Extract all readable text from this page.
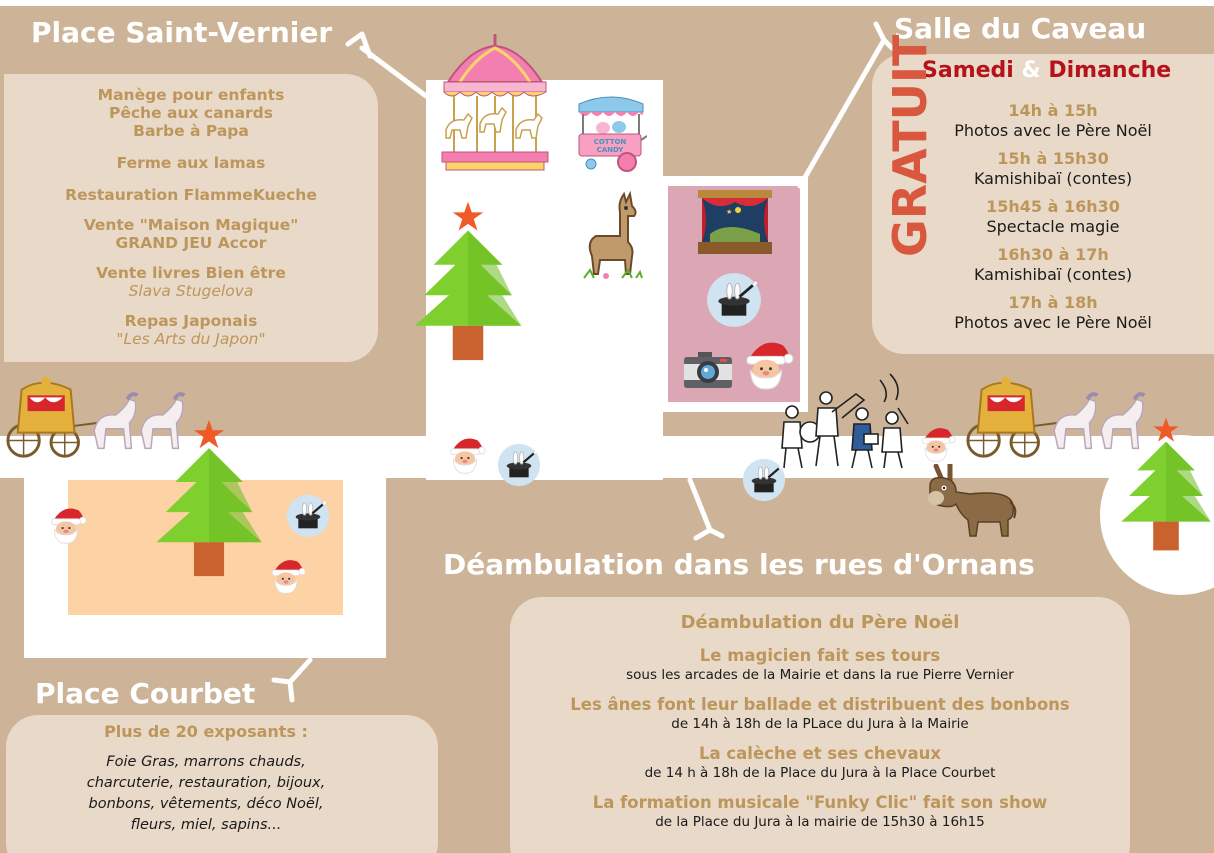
Place Saint-Vernier	Salle du Caveau
Déambulation dans les rues d'Ornans
Place Courbet
Manège pour enfants
Pêche aux canards
Barbe à Papa
Ferme aux lamas
Restauration FlammeKueche
Vente "Maison Magique"
GRAND JEU Accor
Vente livres Bien être
Slava Stugelova
Repas Japonais
"Les Arts du Japon"
Samedi & Dimanche
14h à 15h
Photos avec le Père Noël
15h à 15h30
Kamishibaï (contes)
15h45 à 16h30
Spectacle magie
16h30 à 17h
Kamishibaï (contes)
17h à 18h
Photos avec le Père Noël
Plus de 20 exposants :
Foie Gras, marrons chauds,
charcuterie, restauration, bijoux,
bonbons, vêtements, déco Noël,
fleurs, miel, sapins...
Déambulation du Père Noël
Le magicien fait ses tours
sous les arcades de la Mairie et dans la rue Pierre Vernier
Les ânes font leur ballade et distribuent des bonbons
de 14h à 18h de la PLace du Jura à la Mairie
La calèche et ses chevaux
de 14 h à 18h de la Place du Jura à la Place Courbet
La formation musicale "Funky Clic" fait son show
de la Place du Jura à la mairie de 15h30 à 16h15
COTTON
CANDY
★
